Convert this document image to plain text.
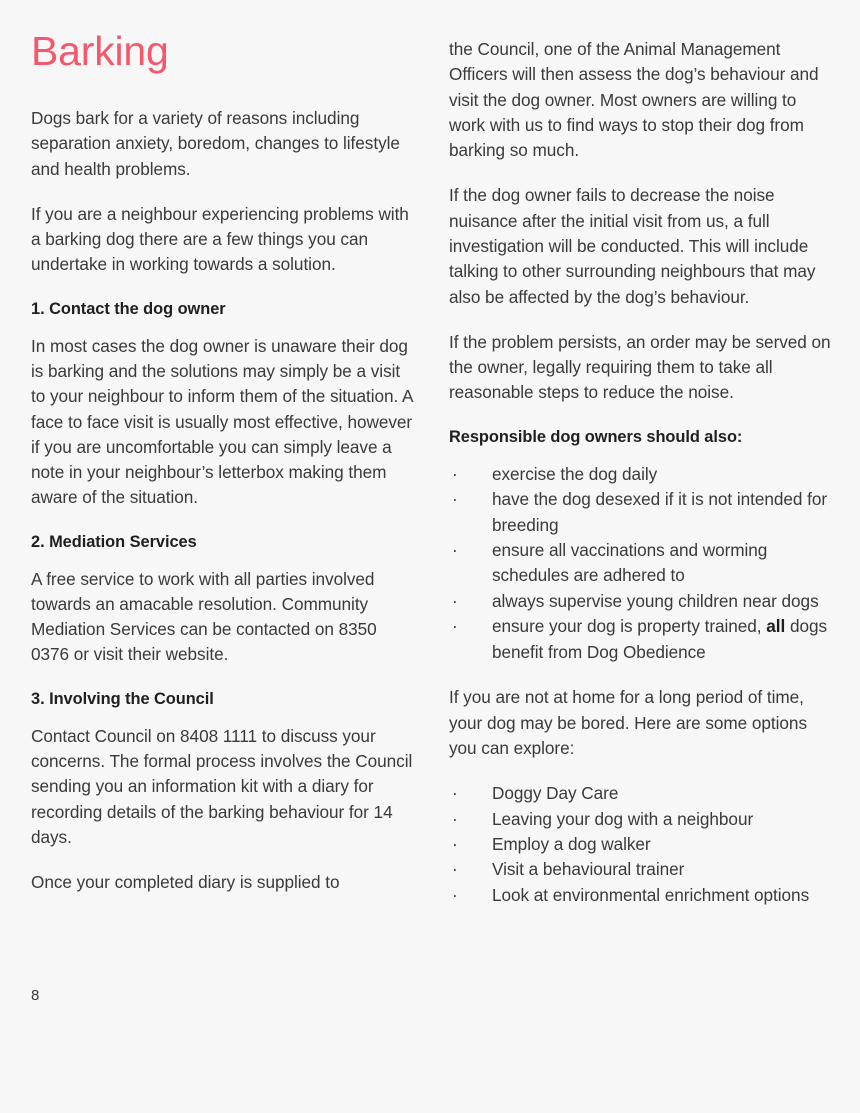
Barking

Dogs bark for a variety of reasons including separation anxiety, boredom, changes to lifestyle and health problems.

If you are a neighbour experiencing problems with a barking dog there are a few things you can undertake in working towards a solution.

1. Contact the dog owner

In most cases the dog owner is unaware their dog is barking and the solutions may simply be a visit to your neighbour to inform them of the situation. A face to face visit is usually most effective, however if you are uncomfortable you can simply leave a note in your neighbour’s letterbox making them aware of the situation.

2. Mediation Services

A free service to work with all parties involved towards an amacable resolution. Community Mediation Services can be contacted on 8350 0376 or visit their website.

3. Involving the Council

Contact Council on 8408 1111 to discuss your concerns. The formal process involves the Council sending you an information kit with a diary for recording details of the barking behaviour for 14 days.

Once your completed diary is supplied to

the Council, one of the Animal Management Officers will then assess the dog’s behaviour and visit the dog owner. Most owners are willing to work with us to find ways to stop their dog from barking so much.

If the dog owner fails to decrease the noise nuisance after the initial visit from us, a full investigation will be conducted. This will include talking to other surrounding neighbours that may also be affected by the dog’s behaviour.

If the problem persists, an order may be served on the owner, legally requiring them to take all reasonable steps to reduce the noise.

Responsible dog owners should also:
· exercise the dog daily
· have the dog desexed if it is not intended for breeding
· ensure all vaccinations and worming schedules are adhered to
· always supervise young children near dogs
· ensure your dog is property trained, all dogs benefit from Dog Obedience

If you are not at home for a long period of time, your dog may be bored. Here are some options you can explore:

· Doggy Day Care
· Leaving your dog with a neighbour
· Employ a dog walker
· Visit a behavioural trainer
· Look at environmental enrichment options
8
